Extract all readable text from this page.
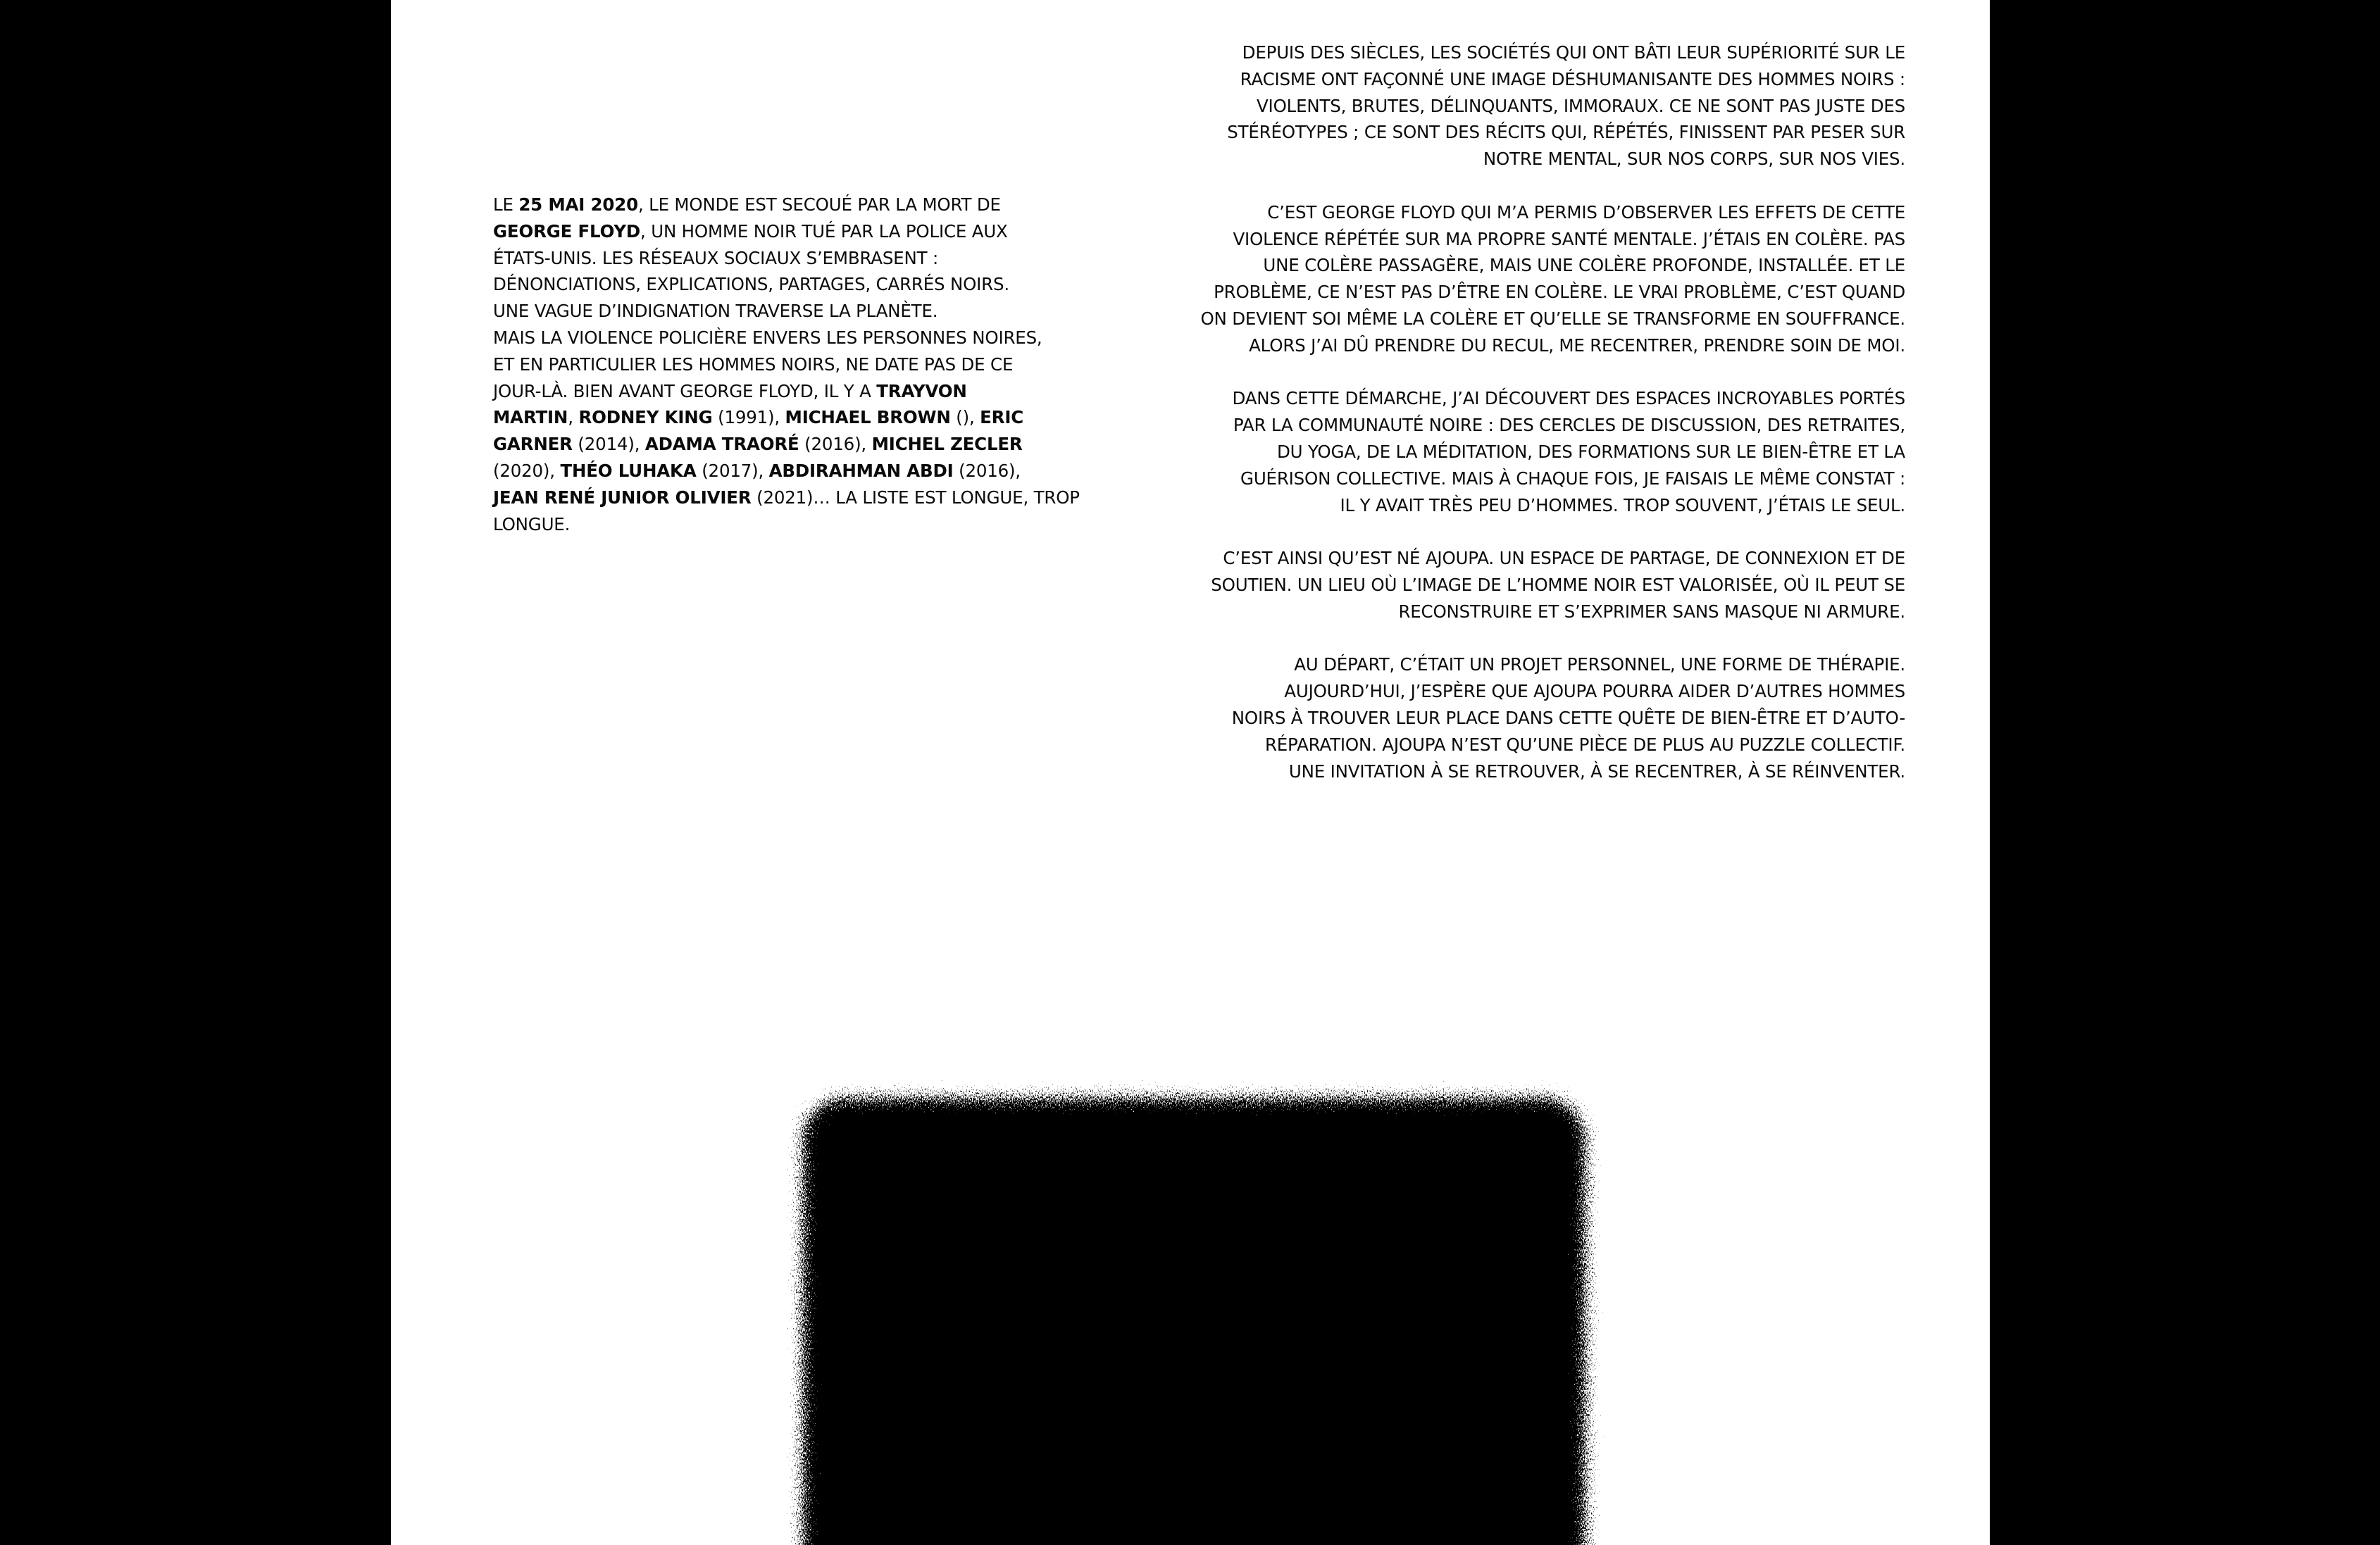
LE 25 MAI 2020, LE MONDE EST SECOUÉ PAR LA MORT DE
GEORGE FLOYD, UN HOMME NOIR TUÉ PAR LA POLICE AUX
ÉTATS-UNIS. LES RÉSEAUX SOCIAUX S’EMBRASENT :
DÉNONCIATIONS, EXPLICATIONS, PARTAGES, CARRÉS NOIRS.
UNE VAGUE D’INDIGNATION TRAVERSE LA PLANÈTE.
MAIS LA VIOLENCE POLICIÈRE ENVERS LES PERSONNES NOIRES,
ET EN PARTICULIER LES HOMMES NOIRS, NE DATE PAS DE CE
JOUR-LÀ. BIEN AVANT GEORGE FLOYD, IL Y A TRAYVON
MARTIN, RODNEY KING (1991), MICHAEL BROWN (), ERIC
GARNER (2014), ADAMA TRAORÉ (2016), MICHEL ZECLER
(2020), THÉO LUHAKA (2017), ABDIRAHMAN ABDI (2016),
JEAN RENÉ JUNIOR OLIVIER (2021)… LA LISTE EST LONGUE, TROP
LONGUE.
DEPUIS DES SIÈCLES, LES SOCIÉTÉS QUI ONT BÂTI LEUR SUPÉRIORITÉ SUR LE
RACISME ONT FAÇONNÉ UNE IMAGE DÉSHUMANISANTE DES HOMMES NOIRS :
VIOLENTS, BRUTES, DÉLINQUANTS, IMMORAUX. CE NE SONT PAS JUSTE DES
STÉRÉOTYPES ; CE SONT DES RÉCITS QUI, RÉPÉTÉS, FINISSENT PAR PESER SUR
NOTRE MENTAL, SUR NOS CORPS, SUR NOS VIES.
C’EST GEORGE FLOYD QUI M’A PERMIS D’OBSERVER LES EFFETS DE CETTE
VIOLENCE RÉPÉTÉE SUR MA PROPRE SANTÉ MENTALE. J’ÉTAIS EN COLÈRE. PAS
UNE COLÈRE PASSAGÈRE, MAIS UNE COLÈRE PROFONDE, INSTALLÉE. ET LE
PROBLÈME, CE N’EST PAS D’ÊTRE EN COLÈRE. LE VRAI PROBLÈME, C’EST QUAND
ON DEVIENT SOI MÊME LA COLÈRE ET QU’ELLE SE TRANSFORME EN SOUFFRANCE.
ALORS J’AI DÛ PRENDRE DU RECUL, ME RECENTRER, PRENDRE SOIN DE MOI.
DANS CETTE DÉMARCHE, J’AI DÉCOUVERT DES ESPACES INCROYABLES PORTÉS
PAR LA COMMUNAUTÉ NOIRE : DES CERCLES DE DISCUSSION, DES RETRAITES,
DU YOGA, DE LA MÉDITATION, DES FORMATIONS SUR LE BIEN-ÊTRE ET LA
GUÉRISON COLLECTIVE. MAIS À CHAQUE FOIS, JE FAISAIS LE MÊME CONSTAT :
IL Y AVAIT TRÈS PEU D’HOMMES. TROP SOUVENT, J’ÉTAIS LE SEUL.
C’EST AINSI QU’EST NÉ AJOUPA. UN ESPACE DE PARTAGE, DE CONNEXION ET DE
SOUTIEN. UN LIEU OÙ L’IMAGE DE L’HOMME NOIR EST VALORISÉE, OÙ IL PEUT SE
RECONSTRUIRE ET S’EXPRIMER SANS MASQUE NI ARMURE.
AU DÉPART, C’ÉTAIT UN PROJET PERSONNEL, UNE FORME DE THÉRAPIE.
AUJOURD’HUI, J’ESPÈRE QUE AJOUPA POURRA AIDER D’AUTRES HOMMES
NOIRS À TROUVER LEUR PLACE DANS CETTE QUÊTE DE BIEN-ÊTRE ET D’AUTO-
RÉPARATION. AJOUPA N’EST QU’UNE PIÈCE DE PLUS AU PUZZLE COLLECTIF.
UNE INVITATION À SE RETROUVER, À SE RECENTRER, À SE RÉINVENTER.
